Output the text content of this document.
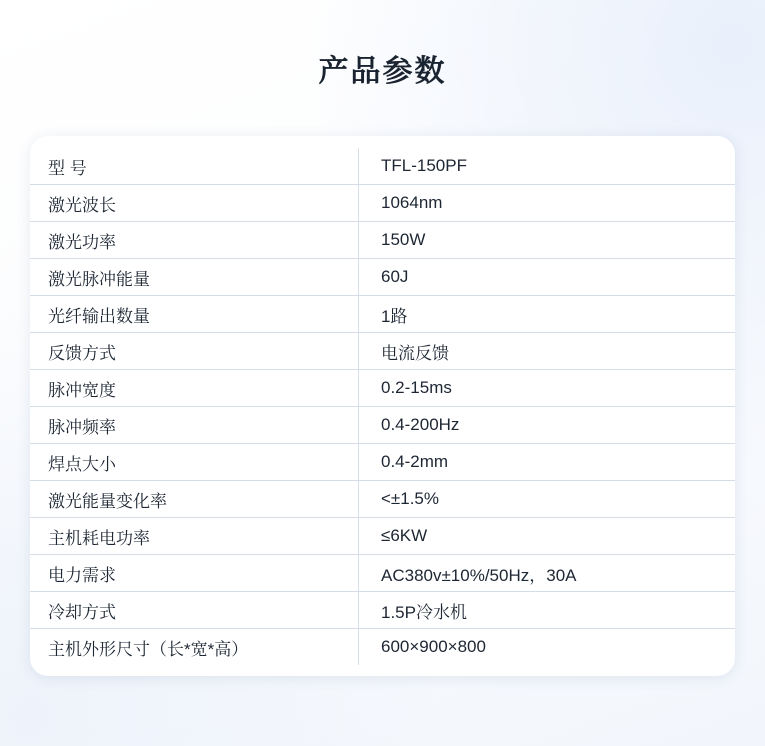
产品参数
型 号	TFL-150PF
激光波长	1064nm
激光功率	150W
激光脉冲能量	60J
光纤输出数量	1路
反馈方式	电流反馈
脉冲宽度	0.2-15ms
脉冲频率	0.4-200Hz
焊点大小	0.4-2mm
激光能量变化率	<±1.5%
主机耗电功率	≤6KW
电力需求	AC380v±10%/50Hz，30A
冷却方式	1.5P冷水机
主机外形尺寸（长*宽*高）	600×900×800
